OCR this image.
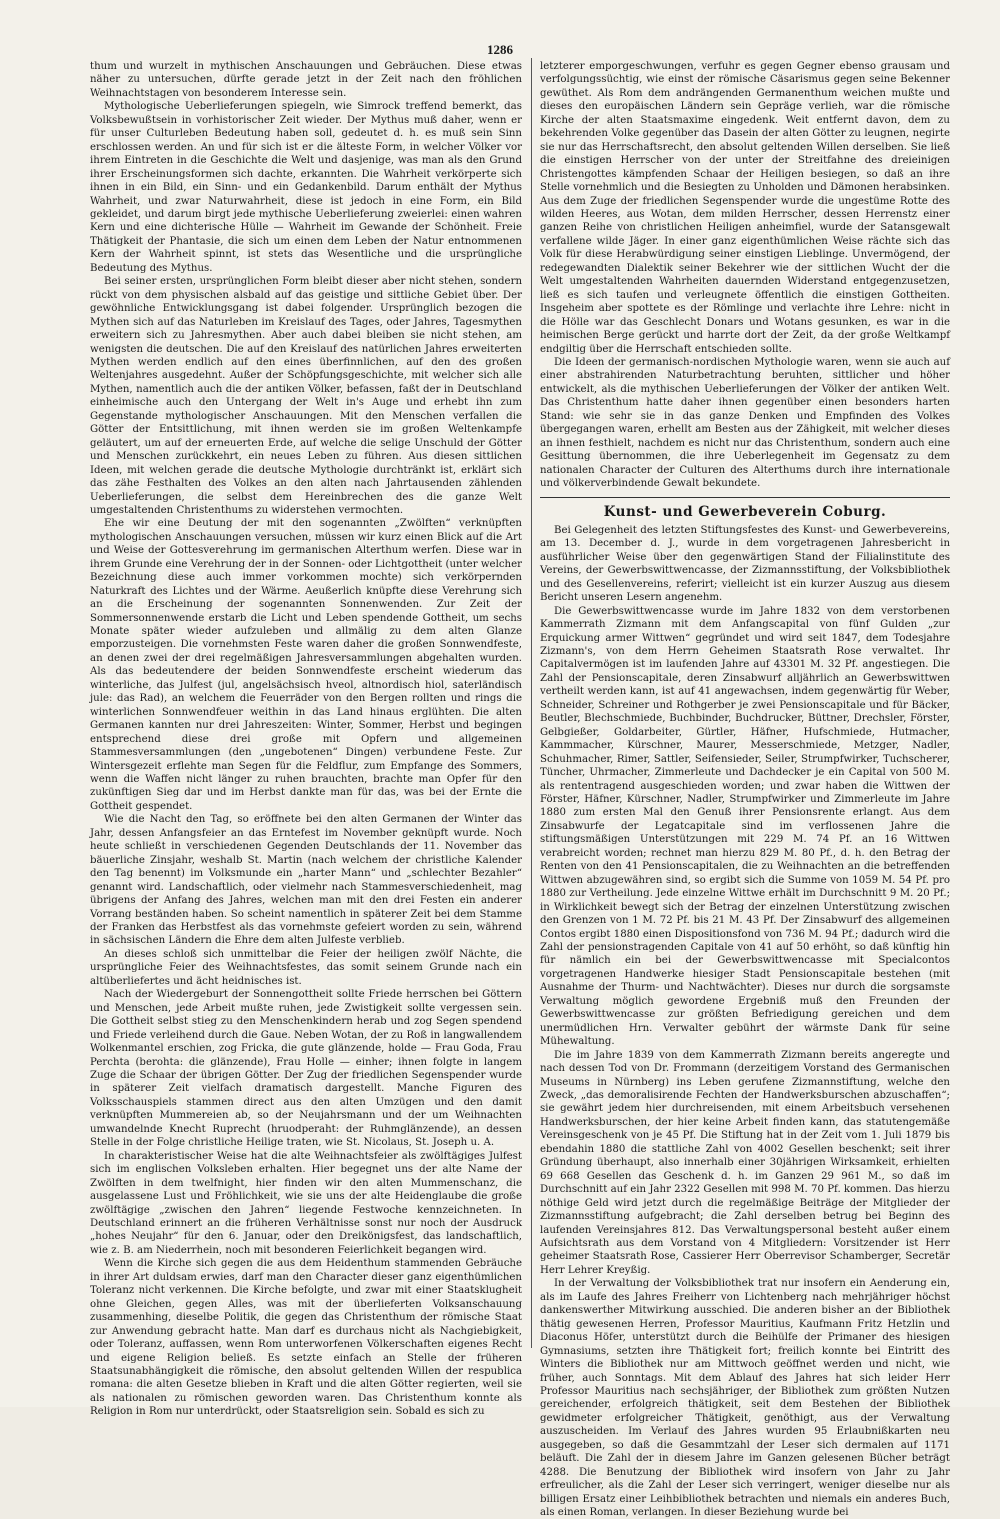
1286

thum und wurzelt in mythischen Anschauungen und Gebräuchen. Diese etwas näher zu untersuchen, dürfte gerade jetzt in der Zeit nach den fröhlichen Weihnachtstagen von besonderem Interesse sein.

Mythologische Ueberlieferungen spiegeln, wie Simrock treffend bemerkt, das Volksbewußtsein in vorhistorischer Zeit wieder. Der Mythus muß daher, wenn er für unser Culturleben Bedeutung haben soll, gedeutet d. h. es muß sein Sinn erschlossen werden. An und für sich ist er die älteste Form, in welcher Völker vor ihrem Eintreten in die Geschichte die Welt und dasjenige, was man als den Grund ihrer Erscheinungsformen sich dachte, erkannten. Die Wahrheit verkörperte sich ihnen in ein Bild, ein Sinn- und ein Gedankenbild. Darum enthält der Mythus Wahrheit, und zwar Naturwahrheit, diese ist jedoch in eine Form, ein Bild gekleidet, und darum birgt jede mythische Ueberlieferung zweierlei: einen wahren Kern und eine dichterische Hülle — Wahrheit im Gewande der Schönheit. Freie Thätigkeit der Phantasie, die sich um einen dem Leben der Natur entnommenen Kern der Wahrheit spinnt, ist stets das Wesentliche und die ursprüngliche Bedeutung des Mythus.

Bei seiner ersten, ursprünglichen Form bleibt dieser aber nicht stehen, sondern rückt von dem physischen alsbald auf das geistige und sittliche Gebiet über. Der gewöhnliche Entwicklungsgang ist dabei folgender. Ursprünglich bezogen die Mythen sich auf das Naturleben im Kreislauf des Tages, oder Jahres, Tagesmythen erweitern sich zu Jahresmythen. Aber auch dabei bleiben sie nicht stehen, am wenigsten die deutschen. Die auf den Kreislauf des natürlichen Jahres erweiterten Mythen werden endlich auf den eines überfinnlichen, auf den des großen Weltenjahres ausgedehnt. Außer der Schöpfungsgeschichte, mit welcher sich alle Mythen, namentlich auch die der antiken Völker, befassen, faßt der in Deutschland einheimische auch den Untergang der Welt in's Auge und erhebt ihn zum Gegenstande mythologischer Anschauungen. Mit den Menschen verfallen die Götter der Entsittlichung, mit ihnen werden sie im großen Weltenkampfe geläutert, um auf der erneuerten Erde, auf welche die selige Unschuld der Götter und Menschen zurückkehrt, ein neues Leben zu führen. Aus diesen sittlichen Ideen, mit welchen gerade die deutsche Mythologie durchtränkt ist, erklärt sich das zähe Festhalten des Volkes an den alten nach Jahrtausenden zählenden Ueberlieferungen, die selbst dem Hereinbrechen des die ganze Welt umgestaltenden Christenthums zu widerstehen vermochten.

Ehe wir eine Deutung der mit den sogenannten „Zwölften“ verknüpften mythologischen Anschauungen versuchen, müssen wir kurz einen Blick auf die Art und Weise der Gottesverehrung im germanischen Alterthum werfen. Diese war in ihrem Grunde eine Verehrung der in der Sonnen- oder Lichtgottheit (unter welcher Bezeichnung diese auch immer vorkommen mochte) sich verkörpernden Naturkraft des Lichtes und der Wärme. Aeußerlich knüpfte diese Verehrung sich an die Erscheinung der sogenannten Sonnenwenden. Zur Zeit der Sommersonnenwende erstarb die Licht und Leben spendende Gottheit, um sechs Monate später wieder aufzuleben und allmälig zu dem alten Glanze emporzusteigen. Die vornehmsten Feste waren daher die großen Sonnwendfeste, an denen zwei der drei regelmäßigen Jahresversammlungen abgehalten wurden. Als das bedeutendere der beiden Sonnwendfeste erscheint wiederum das winterliche, das Julfest (jul, angelsächsisch hveol, altnordisch hiol, saterländisch jule: das Rad), an welchem die Feuerräder von den Bergen rollten und rings die winterlichen Sonnwendfeuer weithin in das Land hinaus erglühten. Die alten Germanen kannten nur drei Jahreszeiten: Winter, Sommer, Herbst und begingen entsprechend diese drei große mit Opfern und allgemeinen Stammesversammlungen (den „ungebotenen“ Dingen) verbundene Feste. Zur Wintersgezeit erflehte man Segen für die Feldflur, zum Empfange des Sommers, wenn die Waffen nicht länger zu ruhen brauchten, brachte man Opfer für den zukünftigen Sieg dar und im Herbst dankte man für das, was bei der Ernte die Gottheit gespendet.

Wie die Nacht den Tag, so eröffnete bei den alten Germanen der Winter das Jahr, dessen Anfangsfeier an das Erntefest im November geknüpft wurde. Noch heute schließt in verschiedenen Gegenden Deutschlands der 11. November das bäuerliche Zinsjahr, weshalb St. Martin (nach welchem der christliche Kalender den Tag benennt) im Volksmunde ein „harter Mann“ und „schlechter Bezahler“ genannt wird. Landschaftlich, oder vielmehr nach Stammesverschiedenheit, mag übrigens der Anfang des Jahres, welchen man mit den drei Festen ein anderer Vorrang beständen haben. So scheint namentlich in späterer Zeit bei dem Stamme der Franken das Herbstfest als das vornehmste gefeiert worden zu sein, während in sächsischen Ländern die Ehre dem alten Julfeste verblieb.

An dieses schloß sich unmittelbar die Feier der heiligen zwölf Nächte, die ursprüngliche Feier des Weihnachtsfestes, das somit seinem Grunde nach ein altüberliefertes und ächt heidnisches ist.

Nach der Wiedergeburt der Sonnengottheit sollte Friede herrschen bei Göttern und Menschen, jede Arbeit mußte ruhen, jede Zwistigkeit sollte vergessen sein. Die Gottheit selbst stieg zu den Menschenkindern herab und zog Segen spendend und Friede verleihend durch die Gaue. Neben Wotan, der zu Roß in langwallendem Wolkenmantel erschien, zog Fricka, die gute glänzende, holde — Frau Goda, Frau Perchta (berohta: die glänzende), Frau Holle — einher; ihnen folgte in langem Zuge die Schaar der übrigen Götter. Der Zug der friedlichen Segenspender wurde in späterer Zeit vielfach dramatisch dargestellt. Manche Figuren des Volksschauspiels stammen direct aus den alten Umzügen und den damit verknüpften Mummereien ab, so der Neujahrsmann und der um Weihnachten umwandelnde Knecht Ruprecht (hruodperaht: der Ruhmglänzende), an dessen Stelle in der Folge christliche Heilige traten, wie St. Nicolaus, St. Joseph u. A.

In charakteristischer Weise hat die alte Weihnachtsfeier als zwölftägiges Julfest sich im englischen Volksleben erhalten. Hier begegnet uns der alte Name der Zwölften in dem twelfnight, hier finden wir den alten Mummenschanz, die ausgelassene Lust und Fröhlichkeit, wie sie uns der alte Heidenglaube die große zwölftägige „zwischen den Jahren“ liegende Festwoche kennzeichneten. In Deutschland erinnert an die früheren Verhältnisse sonst nur noch der Ausdruck „hohes Neujahr“ für den 6. Januar, oder den Dreikönigsfest, das landschaftlich, wie z. B. am Niederrhein, noch mit besonderen Feierlichkeit begangen wird.

Wenn die Kirche sich gegen die aus dem Heidenthum stammenden Gebräuche in ihrer Art duldsam erwies, darf man den Character dieser ganz eigenthümlichen Toleranz nicht verkennen. Die Kirche befolgte, und zwar mit einer Staatsklugheit ohne Gleichen, gegen Alles, was mit der überlieferten Volksanschauung zusammenhing, dieselbe Politik, die gegen das Christenthum der römische Staat zur Anwendung gebracht hatte. Man darf es durchaus nicht als Nachgiebigkeit, oder Toleranz, auffassen, wenn Rom unterworfenen Völkerschaften eigenes Recht und eigene Religion beließ. Es setzte einfach an Stelle der früheren Staatsunabhängigkeit die römische, den absolut geltenden Willen der respublica romana: die alten Gesetze blieben in Kraft und die alten Götter regierten, weil sie als nationalen zu römischen geworden waren. Das Christenthum konnte als Religion in Rom nur unterdrückt, oder Staatsreligion sein. Sobald es sich zu

letzterer emporgeschwungen, verfuhr es gegen Gegner ebenso grausam und verfolgungssüchtig, wie einst der römische Cäsarismus gegen seine Bekenner gewüthet. Als Rom dem andrängenden Germanenthum weichen mußte und dieses den europäischen Ländern sein Gepräge verlieh, war die römische Kirche der alten Staatsmaxime eingedenk. Weit entfernt davon, dem zu bekehrenden Volke gegenüber das Dasein der alten Götter zu leugnen, negirte sie nur das Herrschaftsrecht, den absolut geltenden Willen derselben. Sie ließ die einstigen Herrscher von der unter der Streitfahne des dreieinigen Christengottes kämpfenden Schaar der Heiligen besiegen, so daß an ihre Stelle vornehmlich und die Besiegten zu Unholden und Dämonen herabsinken. Aus dem Zuge der friedlichen Segenspender wurde die ungestüme Rotte des wilden Heeres, aus Wotan, dem milden Herrscher, dessen Herrenstz einer ganzen Reihe von christlichen Heiligen anheimfiel, wurde der Satansgewalt verfallene wilde Jäger. In einer ganz eigenthümlichen Weise rächte sich das Volk für diese Herabwürdigung seiner einstigen Lieblinge. Unvermögend, der redegewandten Dialektik seiner Bekehrer wie der sittlichen Wucht der die Welt umgestaltenden Wahrheiten dauernden Widerstand entgegenzusetzen, ließ es sich taufen und verleugnete öffentlich die einstigen Gottheiten. Insgeheim aber spottete es der Römlinge und verlachte ihre Lehre: nicht in die Hölle war das Geschlecht Donars und Wotans gesunken, es war in die heimischen Berge gerückt und harrte dort der Zeit, da der große Weltkampf endgiltig über die Herrschaft entschieden sollte.

Die Ideen der germanisch-nordischen Mythologie waren, wenn sie auch auf einer abstrahirenden Naturbetrachtung beruhten, sittlicher und höher entwickelt, als die mythischen Ueberlieferungen der Völker der antiken Welt. Das Christenthum hatte daher ihnen gegenüber einen besonders harten Stand: wie sehr sie in das ganze Denken und Empfinden des Volkes übergegangen waren, erhellt am Besten aus der Zähigkeit, mit welcher dieses an ihnen festhielt, nachdem es nicht nur das Christenthum, sondern auch eine Gesittung übernommen, die ihre Ueberlegenheit im Gegensatz zu dem nationalen Character der Culturen des Alterthums durch ihre internationale und völkerverbindende Gewalt bekundete.

Kunst- und Gewerbeverein Coburg.

Bei Gelegenheit des letzten Stiftungsfestes des Kunst- und Gewerbevereins, am 13. December d. J., wurde in dem vorgetragenen Jahresbericht in ausführlicher Weise über den gegenwärtigen Stand der Filialinstitute des Vereins, der Gewerbswittwencasse, der Zizmannsstiftung, der Volksbibliothek und des Gesellenvereins, referirt; vielleicht ist ein kurzer Auszug aus diesem Bericht unseren Lesern angenehm.

Die Gewerbswittwencasse wurde im Jahre 1832 von dem verstorbenen Kammerrath Zizmann mit dem Anfangscapital von fünf Gulden „zur Erquickung armer Wittwen“ gegründet und wird seit 1847, dem Todesjahre Zizmann's, von dem Herrn Geheimen Staatsrath Rose verwaltet. Ihr Capitalvermögen ist im laufenden Jahre auf 43301 M. 32 Pf. angestiegen. Die Zahl der Pensionscapitale, deren Zinsabwurf alljährlich an Gewerbswittwen vertheilt werden kann, ist auf 41 angewachsen, indem gegenwärtig für Weber, Schneider, Schreiner und Rothgerber je zwei Pensionscapitale und für Bäcker, Beutler, Blechschmiede, Buchbinder, Buchdrucker, Büttner, Drechsler, Förster, Gelbgießer, Goldarbeiter, Gürtler, Häfner, Hufschmiede, Hutmacher, Kammmacher, Kürschner, Maurer, Messerschmiede, Metzger, Nadler, Schuhmacher, Rimer, Sattler, Seifensieder, Seiler, Strumpfwirker, Tuchscherer, Tüncher, Uhrmacher, Zimmerleute und Dachdecker je ein Capital von 500 M. als rententragend ausgeschieden worden; und zwar haben die Wittwen der Förster, Häfner, Kürschner, Nadler, Strumpfwirker und Zimmerleute im Jahre 1880 zum ersten Mal den Genuß ihrer Pensionsrente erlangt. Aus dem Zinsabwurfe der Legatcapitale sind im verflossenen Jahre die stiftungsmäßigen Unterstützungen mit 229 M. 74 Pf. an 16 Wittwen verabreicht worden; rechnet man hierzu 829 M. 80 Pf., d. h. den Betrag der Renten von den 41 Pensionscapitalen, die zu Weihnachten an die betreffenden Wittwen abzugewähren sind, so ergibt sich die Summe von 1059 M. 54 Pf. pro 1880 zur Vertheilung. Jede einzelne Wittwe erhält im Durchschnitt 9 M. 20 Pf.; in Wirklichkeit bewegt sich der Betrag der einzelnen Unterstützung zwischen den Grenzen von 1 M. 72 Pf. bis 21 M. 43 Pf. Der Zinsabwurf des allgemeinen Contos ergibt 1880 einen Dispositionsfond von 736 M. 94 Pf.; dadurch wird die Zahl der pensionstragenden Capitale von 41 auf 50 erhöht, so daß künftig hin für nämlich ein bei der Gewerbswittwencasse mit Specialcontos vorgetragenen Handwerke hiesiger Stadt Pensionscapitale bestehen (mit Ausnahme der Thurm- und Nachtwächter). Dieses nur durch die sorgsamste Verwaltung möglich gewordene Ergebniß muß den Freunden der Gewerbswittwencasse zur größten Befriedigung gereichen und dem unermüdlichen Hrn. Verwalter gebührt der wärmste Dank für seine Mühewaltung.

Die im Jahre 1839 von dem Kammerrath Zizmann bereits angeregte und nach dessen Tod von Dr. Frommann (derzeitigem Vorstand des Germanischen Museums in Nürnberg) ins Leben gerufene Zizmannstiftung, welche den Zweck, „das demoralisirende Fechten der Handwerksburschen abzuschaffen“; sie gewährt jedem hier durchreisenden, mit einem Arbeitsbuch versehenen Handwerksburschen, der hier keine Arbeit finden kann, das statutengemäße Vereinsgeschenk von je 45 Pf. Die Stiftung hat in der Zeit vom 1. Juli 1879 bis ebendahin 1880 die stattliche Zahl von 4002 Gesellen beschenkt; seit ihrer Gründung überhaupt, also innerhalb einer 30jährigen Wirksamkeit, erhielten 69 668 Gesellen das Geschenk d. h. im Ganzen 29 961 M., so daß im Durchschnitt auf ein Jahr 2322 Gesellen mit 998 M. 70 Pf. kommen. Das hierzu nöthige Geld wird jetzt durch die regelmäßige Beiträge der Mitglieder der Zizmannsstiftung aufgebracht; die Zahl derselben betrug bei Beginn des laufenden Vereinsjahres 812. Das Verwaltungspersonal besteht außer einem Aufsichtsrath aus dem Vorstand von 4 Mitgliedern: Vorsitzender ist Herr geheimer Staatsrath Rose, Cassierer Herr Oberrevisor Schamberger, Secretär Herr Lehrer Kreyßig.

In der Verwaltung der Volksbibliothek trat nur insofern ein Aenderung ein, als im Laufe des Jahres Freiherr von Lichtenberg nach mehrjähriger höchst dankenswerther Mitwirkung ausschied. Die anderen bisher an der Bibliothek thätig gewesenen Herren, Professor Mauritius, Kaufmann Fritz Hetzlin und Diaconus Höfer, unterstützt durch die Beihülfe der Primaner des hiesigen Gymnasiums, setzten ihre Thätigkeit fort; freilich konnte bei Eintritt des Winters die Bibliothek nur am Mittwoch geöffnet werden und nicht, wie früher, auch Sonntags. Mit dem Ablauf des Jahres hat sich leider Herr Professor Mauritius nach sechsjähriger, der Bibliothek zum größten Nutzen gereichender, erfolgreich thätigkeit, seit dem Bestehen der Bibliothek gewidmeter erfolgreicher Thätigkeit, genöthigt, aus der Verwaltung auszuscheiden. Im Verlauf des Jahres wurden 95 Erlaubnißkarten neu ausgegeben, so daß die Gesammtzahl der Leser sich dermalen auf 1171 beläuft. Die Zahl der in diesem Jahre im Ganzen gelesenen Bücher beträgt 4288. Die Benutzung der Bibliothek wird insofern von Jahr zu Jahr erfreulicher, als die Zahl der Leser sich verringert, weniger dieselbe nur als billigen Ersatz einer Leihbibliothek betrachten und niemals ein anderes Buch, als einen Roman, verlangen. In dieser Beziehung wurde bei
